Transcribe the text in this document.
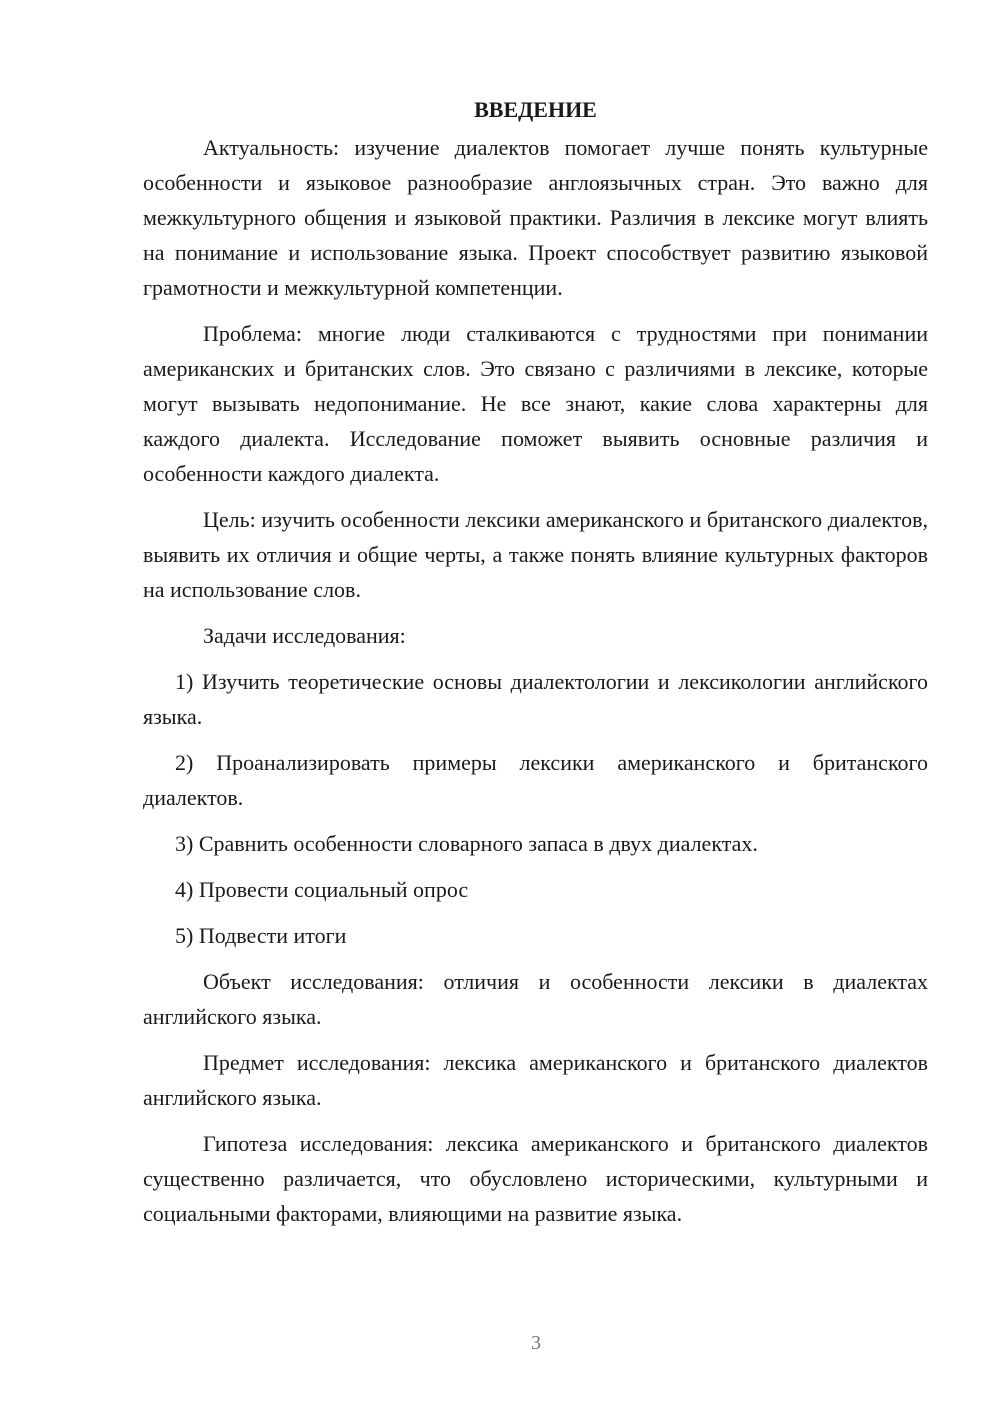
ВВЕДЕНИЕ

Актуальность: изучение диалектов помогает лучше понять культурные особенности и языковое разнообразие англоязычных стран. Это важно для межкультурного общения и языковой практики. Различия в лексике могут влиять на понимание и использование языка. Проект способствует развитию языковой грамотности и межкультурной компетенции.

Проблема: многие люди сталкиваются с трудностями при понимании американских и британских слов. Это связано с различиями в лексике, которые могут вызывать недопонимание. Не все знают, какие слова характерны для каждого диалекта. Исследование поможет выявить основные различия и особенности каждого диалекта.

Цель: изучить особенности лексики американского и британского диалектов, выявить их отличия и общие черты, а также понять влияние культурных факторов на использование слов.

Задачи исследования:

1) Изучить теоретические основы диалектологии и лексикологии английского языка.

2) Проанализировать примеры лексики американского и британского диалектов.

3) Сравнить особенности словарного запаса в двух диалектах.

4) Провести социальный опрос

5) Подвести итоги

Объект исследования: отличия и особенности лексики в диалектах английского языка.

Предмет исследования: лексика американского и британского диалектов английского языка.

Гипотеза исследования: лексика американского и британского диалектов существенно различается, что обусловлено историческими, культурными и социальными факторами, влияющими на развитие языка.

3
